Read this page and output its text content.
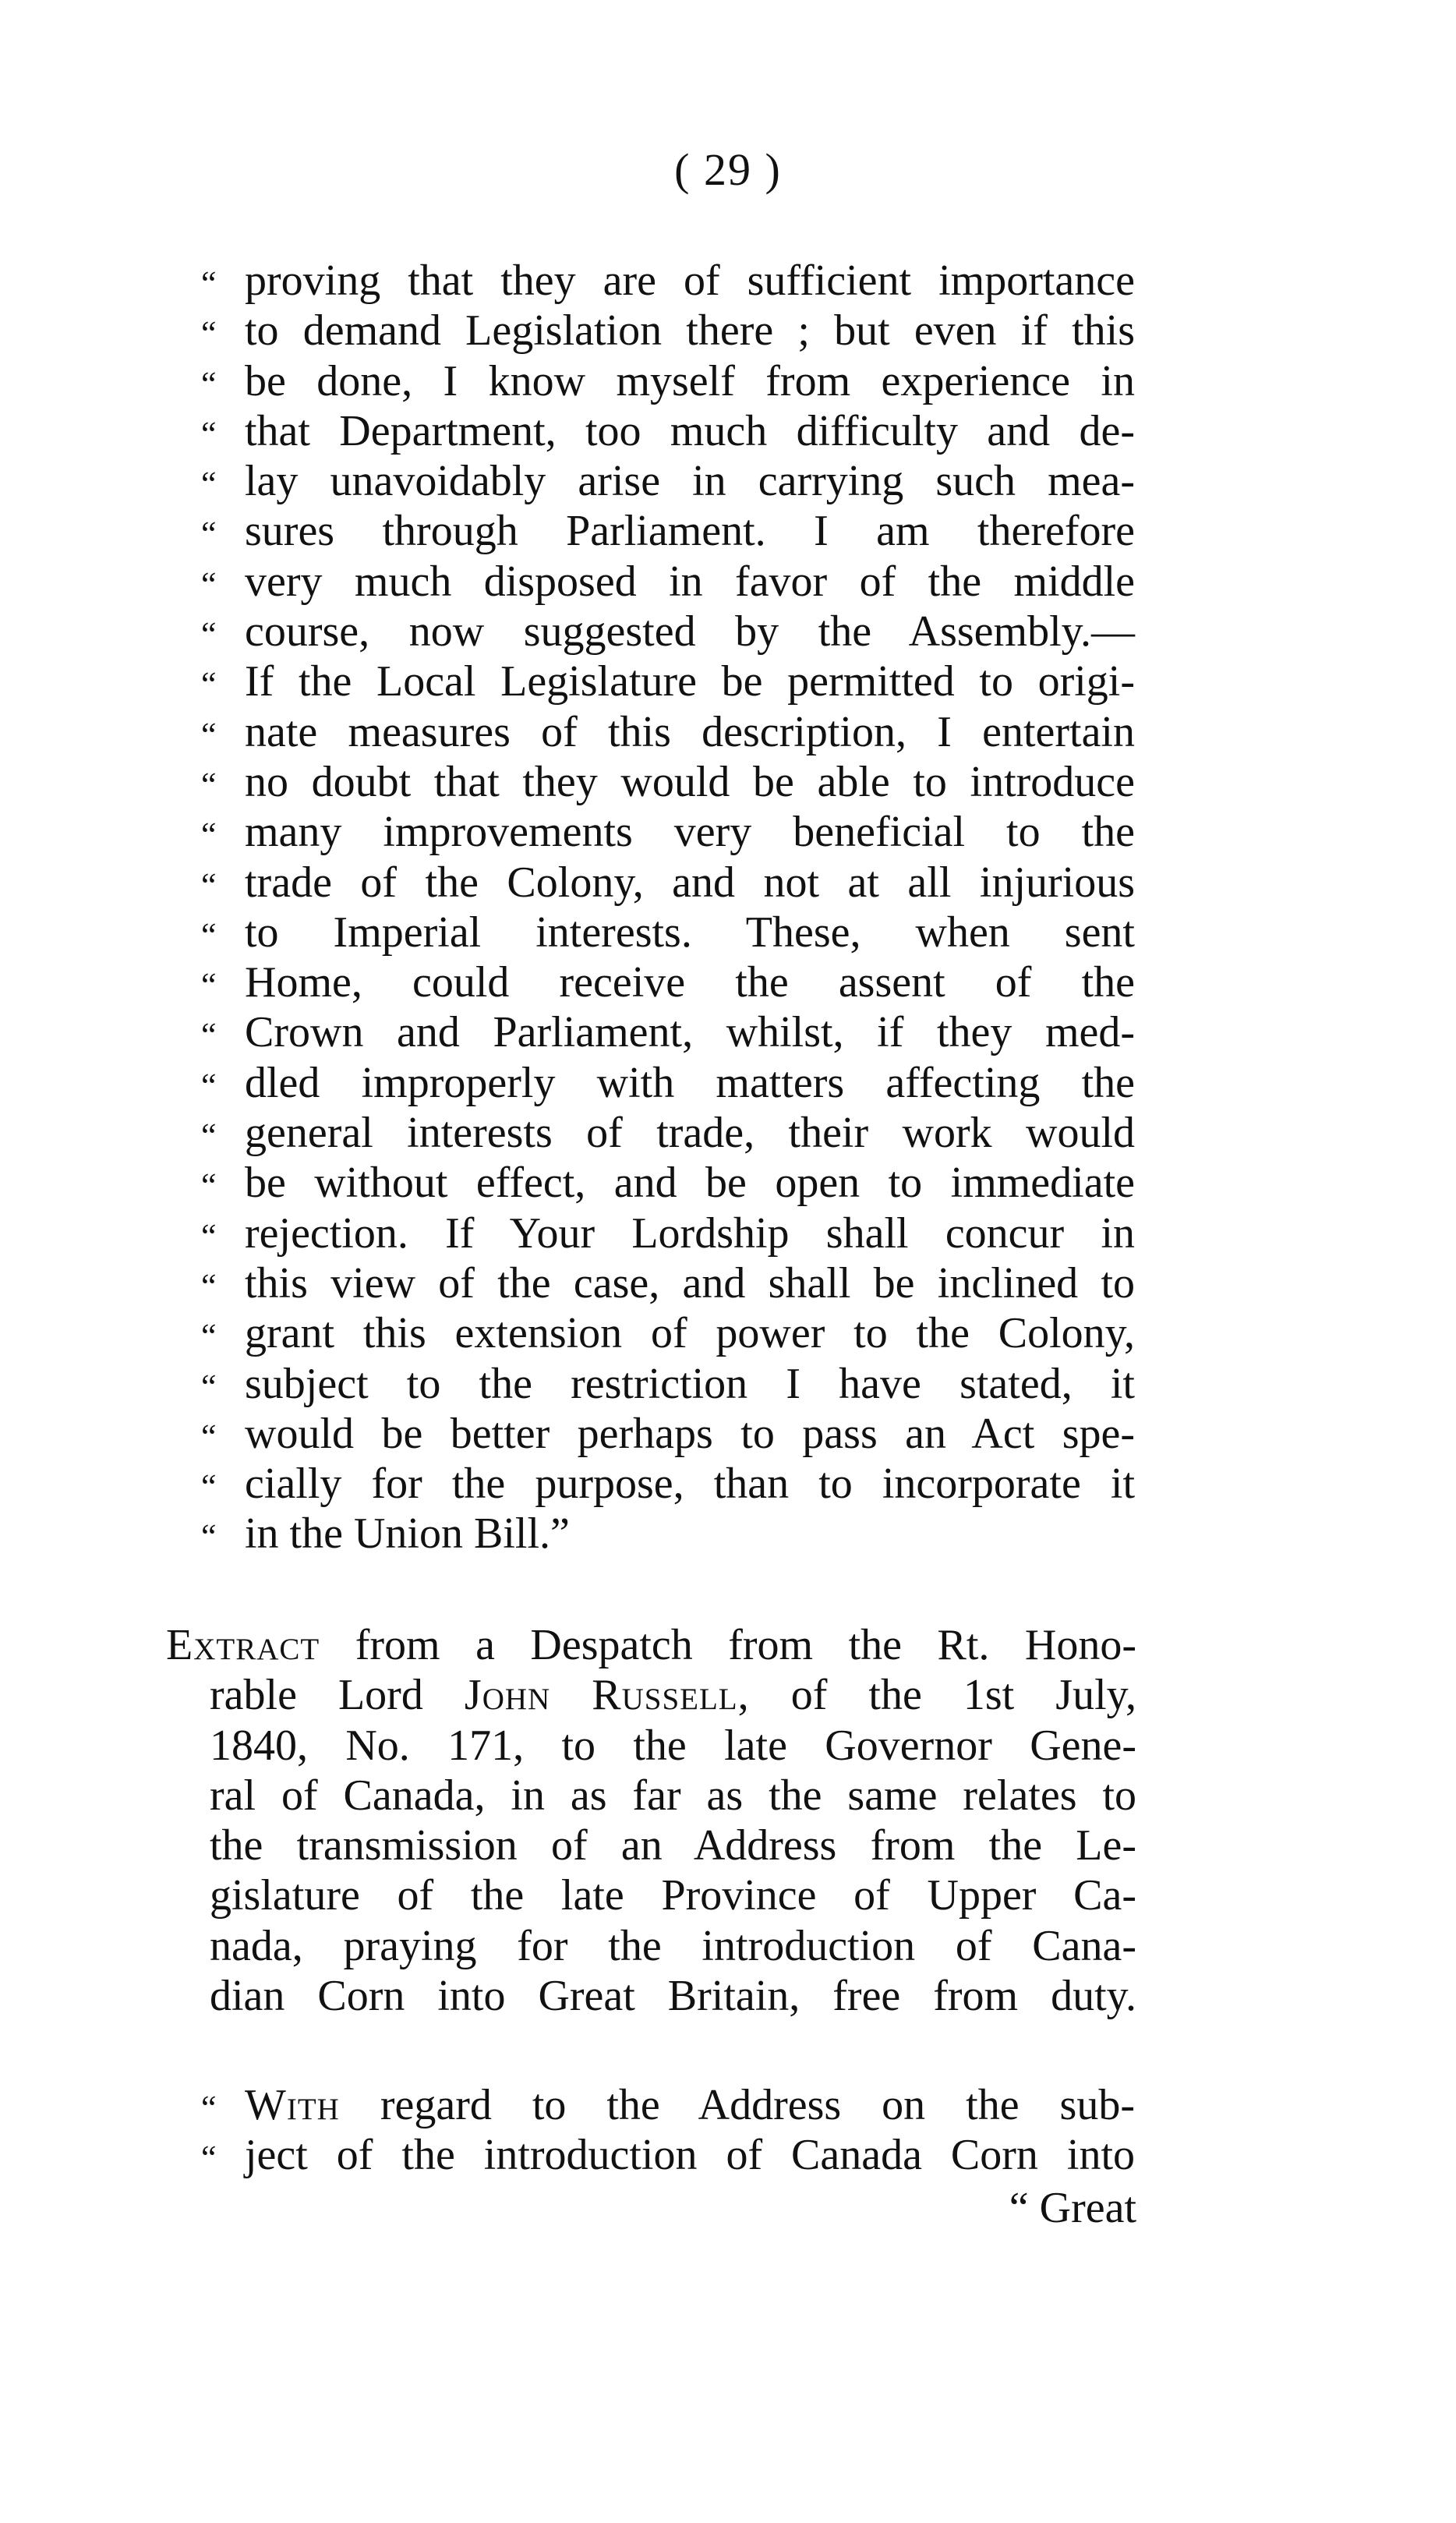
( 29 )
“ proving that they are of sufficient importance
“ to demand Legislation there ; but even if this
“ be done, I know myself from experience in
“ that Department, too much difficulty and de-
“ lay unavoidably arise in carrying such mea-
“ sures through Parliament. I am therefore
“ very much disposed in favor of the middle
“ course, now suggested by the Assembly.—
“ If the Local Legislature be permitted to origi-
“ nate measures of this description, I entertain
“ no doubt that they would be able to introduce
“ many improvements very beneficial to the
“ trade of the Colony, and not at all injurious
“ to Imperial interests. These, when sent
“ Home, could receive the assent of the
“ Crown and Parliament, whilst, if they med-
“ dled improperly with matters affecting the
“ general interests of trade, their work would
“ be without effect, and be open to immediate
“ rejection. If Your Lordship shall concur in
“ this view of the case, and shall be inclined to
“ grant this extension of power to the Colony,
“ subject to the restriction I have stated, it
“ would be better perhaps to pass an Act spe-
“ cially for the purpose, than to incorporate it
“ in the Union Bill.”
Extract from a Despatch from the Rt. Hono-
rable Lord John Russell, of the 1st July,
1840, No. 171, to the late Governor Gene-
ral of Canada, in as far as the same relates to
the transmission of an Address from the Le-
gislature of the late Province of Upper Ca-
nada, praying for the introduction of Cana-
dian Corn into Great Britain, free from duty.
“ With regard to the Address on the sub-
“ ject of the introduction of Canada Corn into
“ Great
